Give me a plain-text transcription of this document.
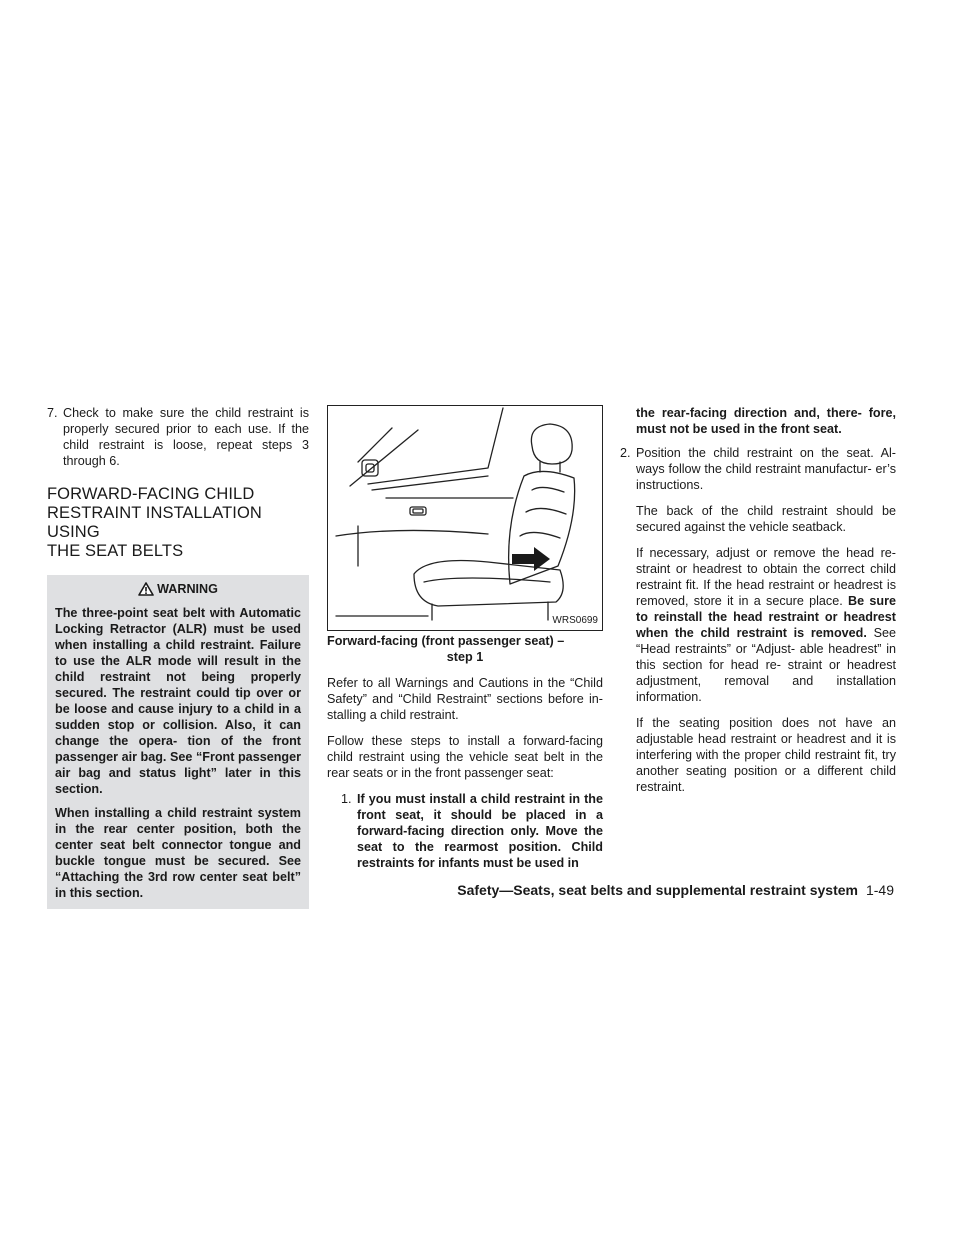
7. Check to make sure the child restraint is properly secured prior to each use. If the child restraint is loose, repeat steps 3 through 6.
FORWARD-FACING CHILD
RESTRAINT INSTALLATION USING
THE SEAT BELTS
WARNING

The three-point seat belt with Automatic Locking Retractor (ALR) must be used when installing a child restraint. Failure to use the ALR mode will result in the child restraint not being properly secured. The restraint could tip over or be loose and cause injury to a child in a sudden stop or collision. Also, it can change the opera- tion of the front passenger air bag. See “Front passenger air bag and status light” later in this section.

When installing a child restraint system in the rear center position, both the center seat belt connector tongue and buckle tongue must be secured. See “Attaching the 3rd row center seat belt” in this section.

WRS0699
Forward-facing (front passenger seat) –
step 1

Refer to all Warnings and Cautions in the “Child Safety” and “Child Restraint” sections before in- stalling a child restraint.

Follow these steps to install a forward-facing child restraint using the vehicle seat belt in the rear seats or in the front passenger seat:

1. If you must install a child restraint in the front seat, it should be placed in a forward-facing direction only. Move the seat to the rearmost position. Child restraints for infants must be used in
the rear-facing direction and, there- fore, must not be used in the front seat.
2. Position the child restraint on the seat. Al- ways follow the child restraint manufactur- er’s instructions.

The back of the child restraint should be secured against the vehicle seatback.

If necessary, adjust or remove the head re- straint or headrest to obtain the correct child restraint fit. If the head restraint or headrest is removed, store it in a secure place. Be sure to reinstall the head restraint or headrest when the child restraint is removed. See “Head restraints” or “Adjust- able headrest” in this section for head re- straint or headrest adjustment, removal and installation information.

If the seating position does not have an adjustable head restraint or headrest and it is interfering with the proper child restraint fit, try another seating position or a different child restraint.

Safety—Seats, seat belts and supplemental restraint system 1-49
